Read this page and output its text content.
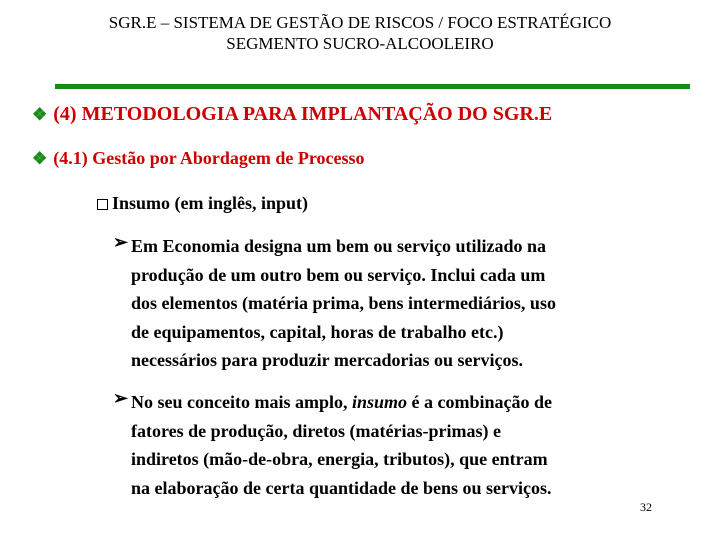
SGR.E – SISTEMA DE GESTÃO DE RISCOS / FOCO ESTRATÉGICO
SEGMENTO SUCRO-ALCOOLEIRO
❖ (4) METODOLOGIA PARA IMPLANTAÇÃO DO SGR.E
❖ (4.1) Gestão por Abordagem de Processo
Insumo (em inglês, input)
➢ Em Economia designa um bem ou serviço utilizado na
produção de um outro bem ou serviço. Inclui cada um
dos elementos (matéria prima, bens intermediários, uso
de equipamentos, capital, horas de trabalho etc.)
necessários para produzir mercadorias ou serviços.
➢ No seu conceito mais amplo, insumo é a combinação de
fatores de produção, diretos (matérias-primas) e
indiretos (mão-de-obra, energia, tributos), que entram
na elaboração de certa quantidade de bens ou serviços.
32
